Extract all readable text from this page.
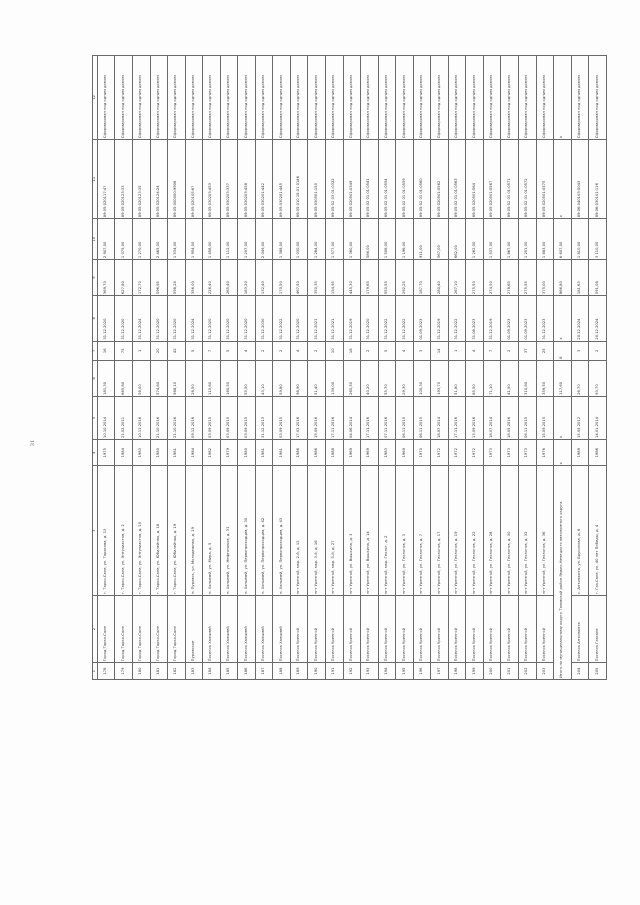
31
1	2	3	4	5	6	7	8	9	10	11	12
178	Город Тарко-Сале	г. Тарко-Сале, ул. Тарасова, д. 13	1975	10.10.2014	181,30	16	31.12.2020	369,70	2 907,00	89:05:020117:4?	Сформирован под одним домом
179	Город Тарко-Сале	г. Тарко-Сале, ул. Энтузиастов, д. 2	1984	21.02.2011	665,80	75	31.12.2020	627,80	1 075,00	89:05:020123:33	Сформирован под одним домом
180	Город Тарко-Сале	г. Тарко-Сале, ул. Энтузиастов, д. 10	1983	10.11.2016	56,00	1	31.12.2024	172,70	1 270,00	89:05:020123:35	Сформирован под одним домом
181	Город Тарко-Сале	г. Тарко-Сале, ул. Юбилейная, д. 18	1980	21.10.2016	574,80	20	31.12.2020	596,95	2 465,00	89:05:020124:24	Сформирован под одним домом
182	Город Тарко-Сале	г. Тарко-Сале, ул. Юбилейная, д. 19	1981	21.10.2016	568,10	42	31.12.2020	598,24	1 534,00	89:05:000000:9906	Сформирован под одним домом
183	Пуровское	п. Пуровск, ул. Молодежная, д. 19	1984	09.12.2016	28,50	5	31.12.2024	356,00	1 954,00	89:05:020105:6?	Сформирован под одним домом
184	Поселок Ханымей	п. Ханымей, ул. Мира, д. 5	1982	03.09.2015	110,60	7	31.12.2020	226,40	1 458,00	89:05:030203:453	Сформирован под одним домом
185	Поселок Ханымей	п. Ханымей, ул. Нефтяников, д. 31	1979	03.09.2015	160,50	5	31.12.2020	265,40	1 112,00	89:05:030203:337	Сформирован под одним домом
186	Поселок Ханымей	п. Ханымей, ул. Первопроходцев, д. 30	1980	03.09.2015	55,50	4	31.12.2020	163,20	1 207,00	89:05:030203:458	Сформирован под одним домом
187	Поселок Ханымей	п. Ханымей, ул. Первопроходцев, д. 42	1981	31.12.2013	43,10	2	31.12.2030	132,40	2 049,00	89:05:030201:442	Сформирован под одним домом
188	Поселок Ханымей	п. Ханымей, ул. Первопроходцев, д. 43	1981	03.09.2015	59,80	2	31.12.2022	170,50	1 388,00	89:05:030201:445	Сформирован под одним домом
189	Поселок Уренгой	пгт Уренгой, мкр. 2-й, д. 12	1986	17.03.2016	98,90	4	31.12.2020	467,50	1 030,00	89:05:010 15:01 0146	Сформирован под одним домом
190	Поселок Уренгой	пгт Уренгой, мкр. 3-й, д. 16	1986	15.09.2016	51,40	2	31.12.2021	350,35	1 284,00	89:05:030501:150	Сформирован под одним домом
191	Поселок Уренгой	пгт Уренгой, мкр. 5-й, д. 27	1988	17.11.2016	130,00	10	31.12.2021	154,95	1 577,00	89:05:02 03 01:0322	Сформирован под одним домом
192	Поселок Уренгой	пгт Уренгой, ул. Вышкина, д. 3	1969	04.06.2014	265,50	18	31.12.2019	445,30	1 360,00	89:05:020501:0349	Сформирован под одним домом
193	Поселок Уренгой	пгт Уренгой, ул. Вышкина, д. 14	1969	17.11.2016	40,20	2	31.12.2020	179,65	586,00	89:05:02 01 01:0541	Сформирован под одним домом
194	Поселок Уренгой	пгт Уренгой, мкр. Геолог, д. 2	1983	07.11.2016	55,70	5	31.12.2022	550,55	1 506,00	89:05:02 01 01:0554	Сформирован под одним домом
195	Поселок Уренгой	пгт Уренгой, ул. Геологов, д. 3	1969	06.11.2015	29,30	4	31.12.2022	292,25	1 196,00	89:05:02 01 01:0559	Сформирован под одним домом
196	Поселок Уренгой	пгт Уренгой, ул. Геологов, д. 7	1970	06.11.2015	100,30	3	01.09.2023	187,70	911,00	89:05:02 01 01:0560	Сформирован под одним домом
197	Поселок Уренгой	пгт Уренгой, ул. Геологов, д. 17	1972	18.07.2014	193,70	14	31.12.2019	280,40	567,00	89:05:020501:0562	Сформирован под одним домом
198	Поселок Уренгой	пгт Уренгой, ул. Геологов, д. 19	1972	17.11.2016	51,80	1	31.12.2022	267,10	662,00	89:05:02 01 01:0563	Сформирован под одним домом
199	Поселок Уренгой	пгт Уренгой, ул. Геологов, д. 22	1972	13.09.2016	85,50	4	31.08.2023	275,50	1 262,00	89:05:020501:564	Сформирован под одним домом
200	Поселок Уренгой	пгт Уренгой, ул. Геологов, д. 28	1973	18.07.2014	71,10	7	31.12.2019	274,50	1 537,00	89:05:020501:0567	Сформирован под одним домом
201	Поселок Уренгой	пгт Уренгой, ул. Геологов, д. 30	1973	18.05.2016	41,50	2	01.09.2023	278,65	1 867,00	89:05:02 01 01:0571	Сформирован под одним домом
202	Поселок Уренгой	пгт Уренгой, ул. Геологов, д. 32	1973	06.11.2015	310,80	37	01.09.2023	275,55	1 251,00	89:05:02 01 01:0572	Сформирован под одним домом
203	Поселок Уренгой	пгт Уренгой, ул. Геологов, д. 36	1976	15.09.2015	359,50	25	31.12.2023	375,00	1 883,00	89:05:020501:0575	Сформирован под одним домом
Итого по муниципальному округу Тазовский район Ямало-Ненецкого автономного округа			x	x	117,60	8	x	866,80	6 607,00	x	x
204	Поселок Антипаюта	с. Антипаюта, ул. Брусилова, д. 6	1989	15.05.2012	26,70	3	20.12.2024	181,63	1 810,00	89:06:040103:0043	Сформирован под одним домом
205	Поселок Газсале	г. Газ-Сале, ул. 40 лет Победы, д. 4	1986	14.01.2014	93,70	2	20.12.2024	591,08	3 110,00	89:06:030101:116	Сформирован под одним домом
